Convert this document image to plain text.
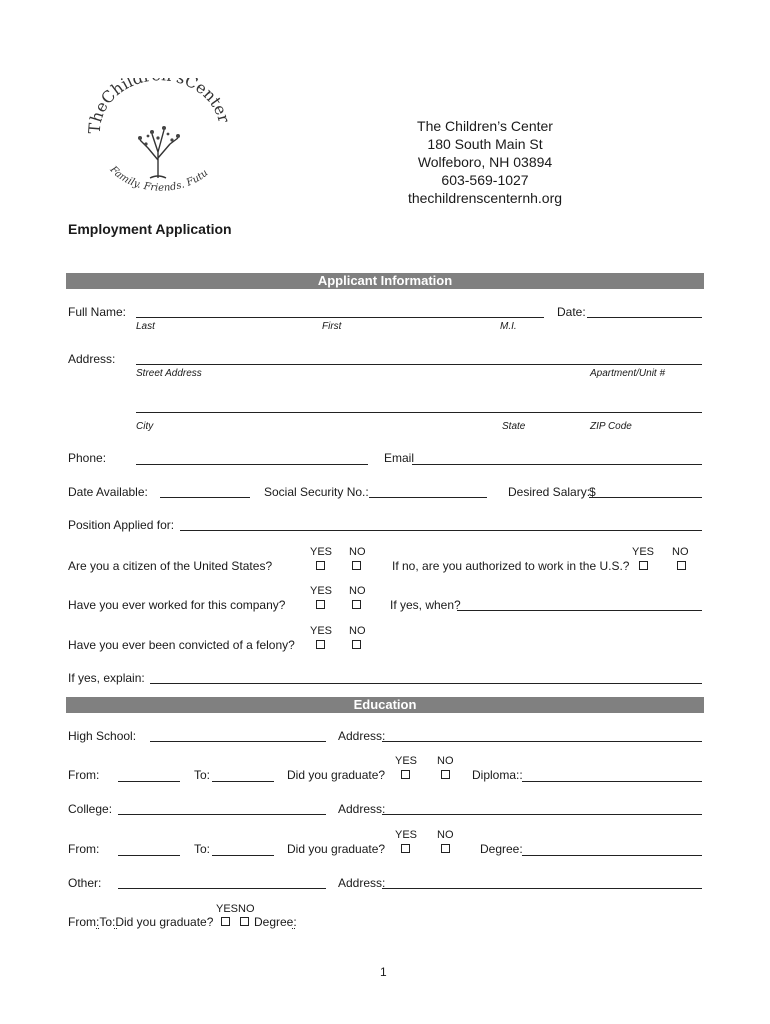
heChild Cent
Family. Friends. Futu
The Children’s Center
180 South Main St
Wolfeboro, NH 03894
603-569-1027
thechildrenscenternh.org
Employment Application
Applicant Information
Full Name:	Date:
Last	First	M.I.
Address:
Street Address	Apartment/Unit #
City	State	ZIP Code
Phone:	Email
Date Available:	Social Security No.:	Desired Salary:
$
Position Applied for:
YES NO
Are you a citizen of the United States?
YES NO
If no, are you authorized to work in the U.S.?
YES NO
Have you ever worked for this company?	If yes, when?
YES NO
Have you ever been convicted of a felony?
If yes, explain:
Education
High School:	Address:
YES NO
From:	To:	Did you graduate?	Diploma::
College:	Address:
YES NO
From:	To:	Did you graduate?	Degree:
Other:	Address:
YESNO
From:To:Did you graduate?	Degree:
1
